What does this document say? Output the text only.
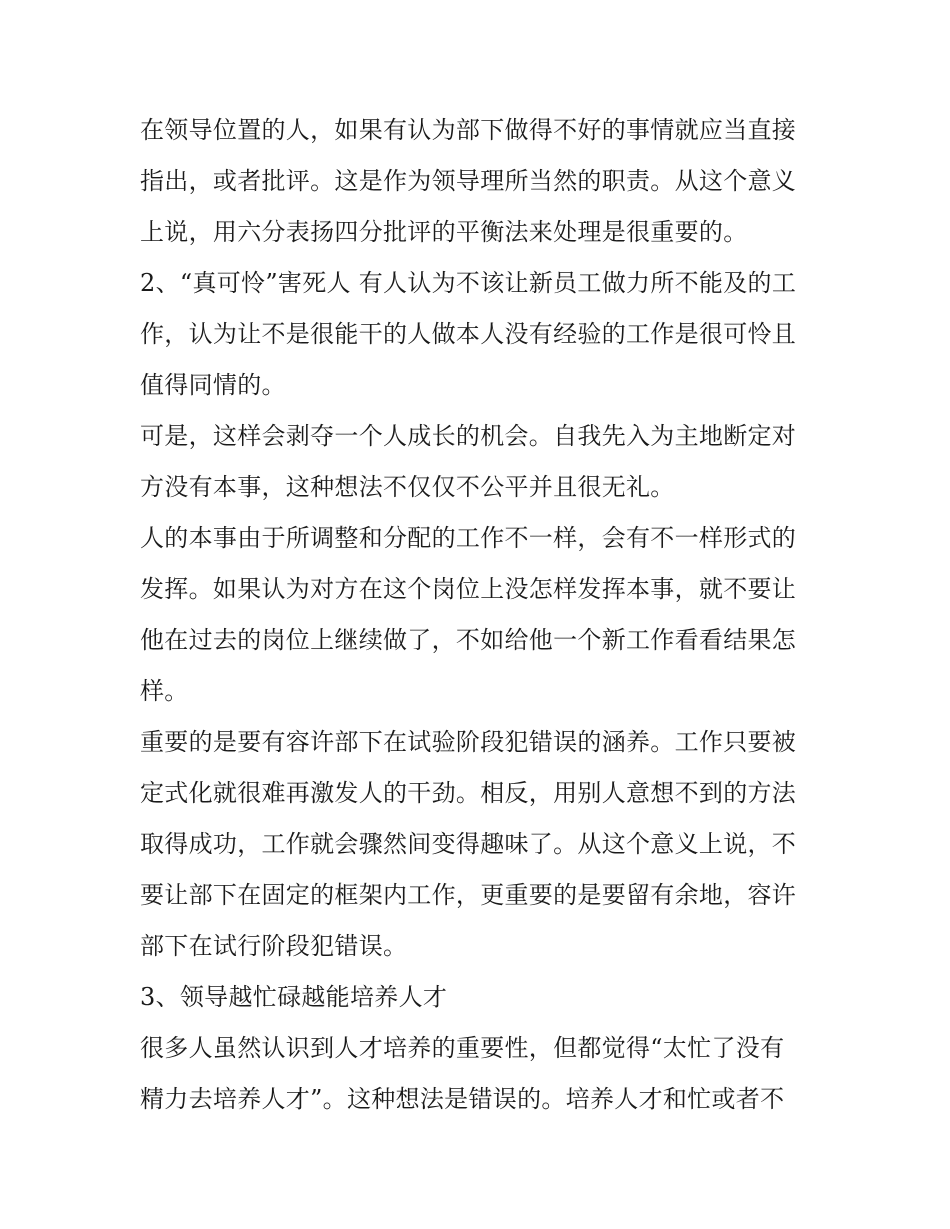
在领导位置的人，如果有认为部下做得不好的事情就应当直接
指出，或者批评。这是作为领导理所当然的职责。从这个意义
上说，用六分表扬四分批评的平衡法来处理是很重要的。

2、“真可怜”害死人 有人认为不该让新员工做力所不能及的工
作，认为让不是很能干的人做本人没有经验的工作是很可怜且
值得同情的。

可是，这样会剥夺一个人成长的机会。自我先入为主地断定对
方没有本事，这种想法不仅仅不公平并且很无礼。

人的本事由于所调整和分配的工作不一样，会有不一样形式的
发挥。如果认为对方在这个岗位上没怎样发挥本事，就不要让
他在过去的岗位上继续做了，不如给他一个新工作看看结果怎
样。

重要的是要有容许部下在试验阶段犯错误的涵养。工作只要被
定式化就很难再激发人的干劲。相反，用别人意想不到的方法
取得成功，工作就会骤然间变得趣味了。从这个意义上说，不
要让部下在固定的框架内工作，更重要的是要留有余地，容许
部下在试行阶段犯错误。

3、领导越忙碌越能培养人才

很多人虽然认识到人才培养的重要性，但都觉得“太忙了没有
精力去培养人才”。这种想法是错误的。培养人才和忙或者不
